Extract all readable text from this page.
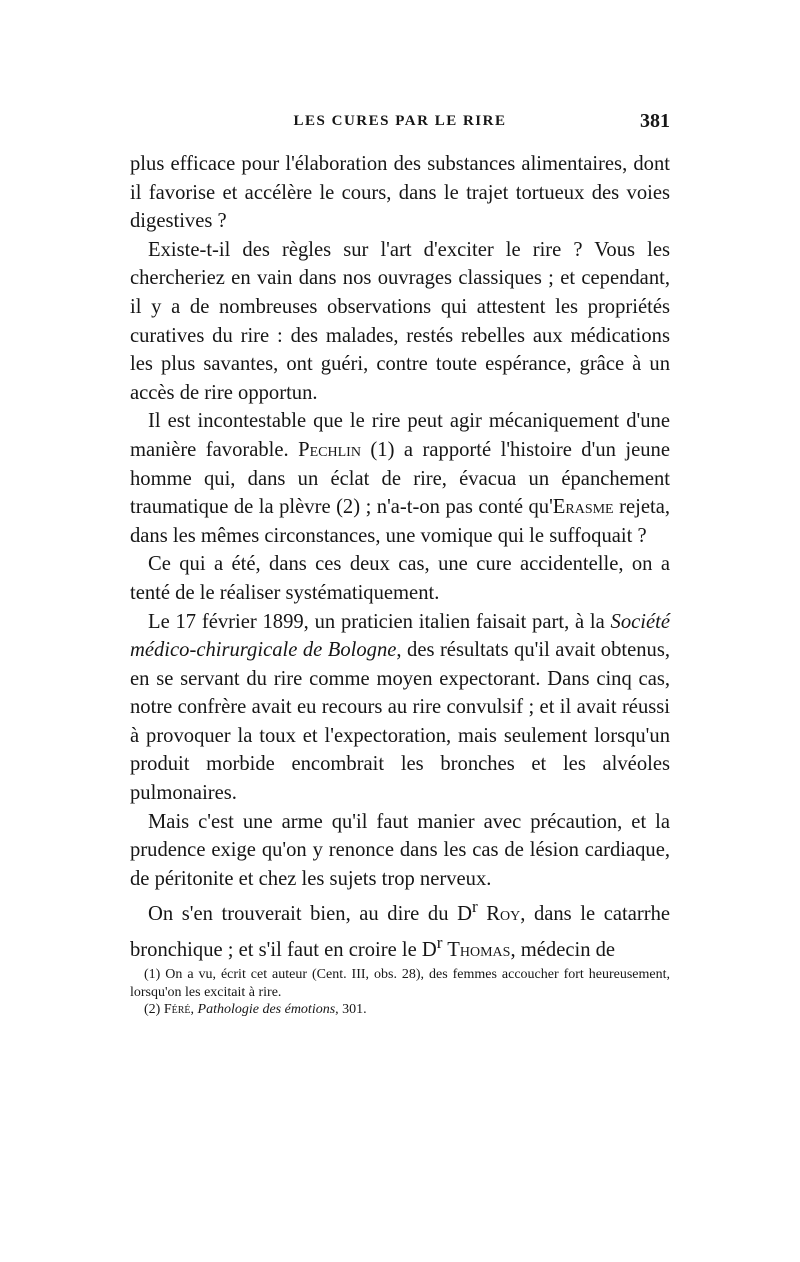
LES CURES PAR LE RIRE	381

plus efficace pour l'élaboration des substances alimentaires, dont il favorise et accélère le cours, dans le trajet tortueux des voies digestives ?

Existe-t-il des règles sur l'art d'exciter le rire ? Vous les chercheriez en vain dans nos ouvrages classiques ; et cependant, il y a de nombreuses observations qui attestent les propriétés curatives du rire : des malades, restés rebelles aux médications les plus savantes, ont guéri, contre toute espérance, grâce à un accès de rire opportun.

Il est incontestable que le rire peut agir mécaniquement d'une manière favorable. Pechlin (1) a rapporté l'histoire d'un jeune homme qui, dans un éclat de rire, évacua un épanchement traumatique de la plèvre (2) ; n'a-t-on pas conté qu'Erasme rejeta, dans les mêmes circonstances, une vomique qui le suffoquait ?

Ce qui a été, dans ces deux cas, une cure accidentelle, on a tenté de le réaliser systématiquement.

Le 17 février 1899, un praticien italien faisait part, à la Société médico-chirurgicale de Bologne, des résultats qu'il avait obtenus, en se servant du rire comme moyen expectorant. Dans cinq cas, notre confrère avait eu recours au rire convulsif ; et il avait réussi à provoquer la toux et l'expectoration, mais seulement lorsqu'un produit morbide encombrait les bronches et les alvéoles pulmonaires.

Mais c'est une arme qu'il faut manier avec précaution, et la prudence exige qu'on y renonce dans les cas de lésion cardiaque, de péritonite et chez les sujets trop nerveux.

On s'en trouverait bien, au dire du $D^r$ Roy, dans le catarrhe bronchique ; et s'il faut en croire le $D^r$ Thomas, médecin de

(1) On a vu, écrit cet auteur (Cent. III, obs. 28), des femmes accoucher fort heureusement, lorsqu'on les excitait à rire.

(2) Féré, Pathologie des émotions, 301.
